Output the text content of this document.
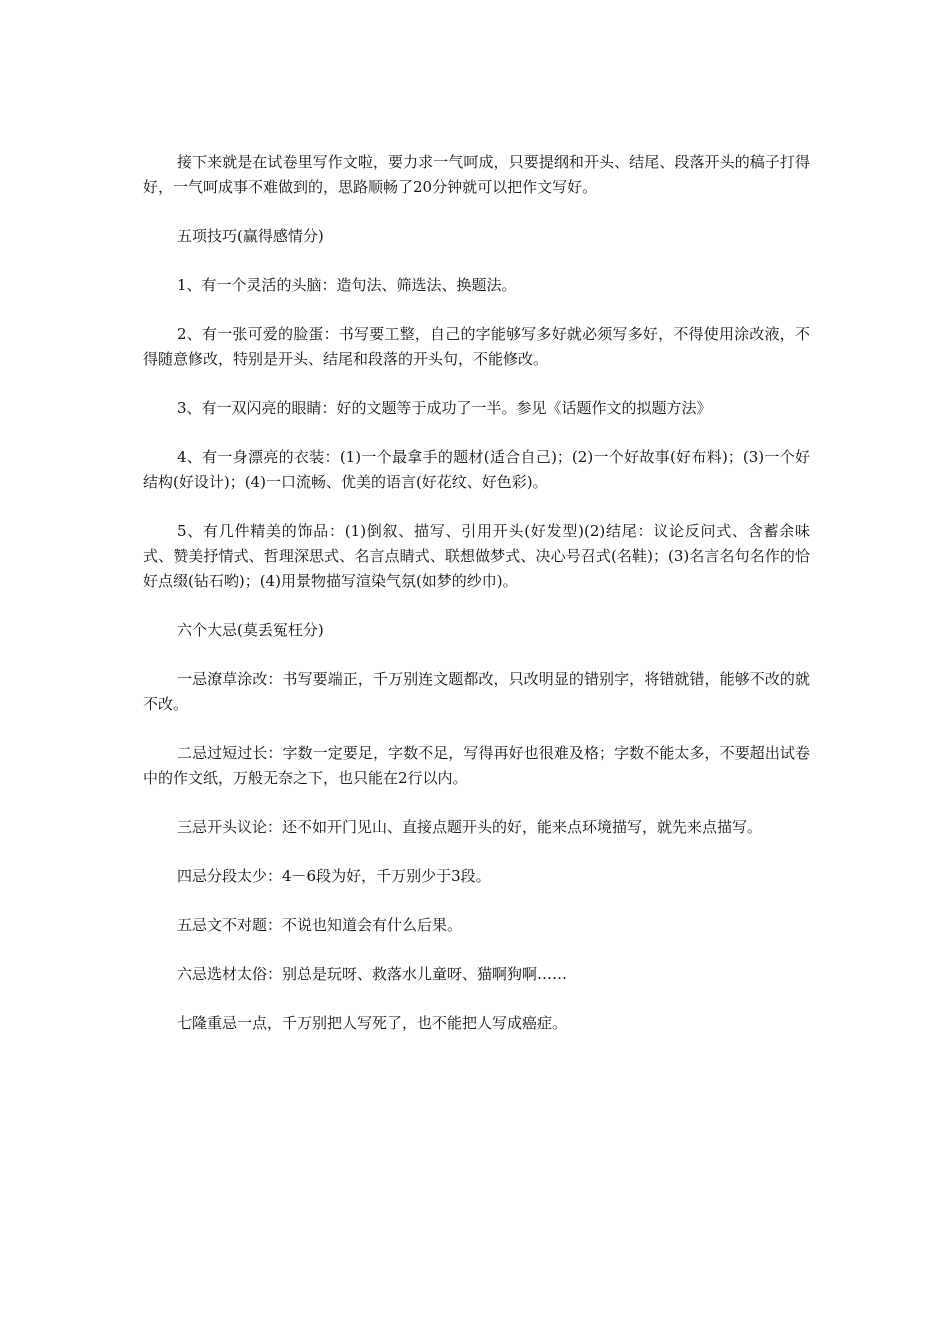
接下来就是在试卷里写作文啦，要力求一气呵成，只要提纲和开头、结尾、段落开头的稿子打得好，一气呵成事不难做到的，思路顺畅了20分钟就可以把作文写好。

五项技巧(赢得感情分)

1、有一个灵活的头脑：造句法、筛选法、换题法。

2、有一张可爱的脸蛋：书写要工整，自己的字能够写多好就必须写多好，不得使用涂改液，不得随意修改，特别是开头、结尾和段落的开头句，不能修改。

3、有一双闪亮的眼睛：好的文题等于成功了一半。参见《话题作文的拟题方法》

4、有一身漂亮的衣装：(1)一个最拿手的题材(适合自己)；(2)一个好故事(好布料)；(3)一个好结构(好设计)；(4)一口流畅、优美的语言(好花纹、好色彩)。

5、有几件精美的饰品：(1)倒叙、描写、引用开头(好发型)(2)结尾：议论反问式、含蓄余味式、赞美抒情式、哲理深思式、名言点睛式、联想做梦式、决心号召式(名鞋)；(3)名言名句名作的恰好点缀(钻石哟)；(4)用景物描写渲染气氛(如梦的纱巾)。

六个大忌(莫丢冤枉分)

一忌潦草涂改：书写要端正，千万别连文题都改，只改明显的错别字，将错就错，能够不改的就不改。

二忌过短过长：字数一定要足，字数不足，写得再好也很难及格；字数不能太多，不要超出试卷中的作文纸，万般无奈之下，也只能在2行以内。

三忌开头议论：还不如开门见山、直接点题开头的好，能来点环境描写，就先来点描写。

四忌分段太少：4－6段为好，千万别少于3段。

五忌文不对题：不说也知道会有什么后果。

六忌选材太俗：别总是玩呀、救落水儿童呀、猫啊狗啊……

七隆重忌一点，千万别把人写死了，也不能把人写成癌症。
